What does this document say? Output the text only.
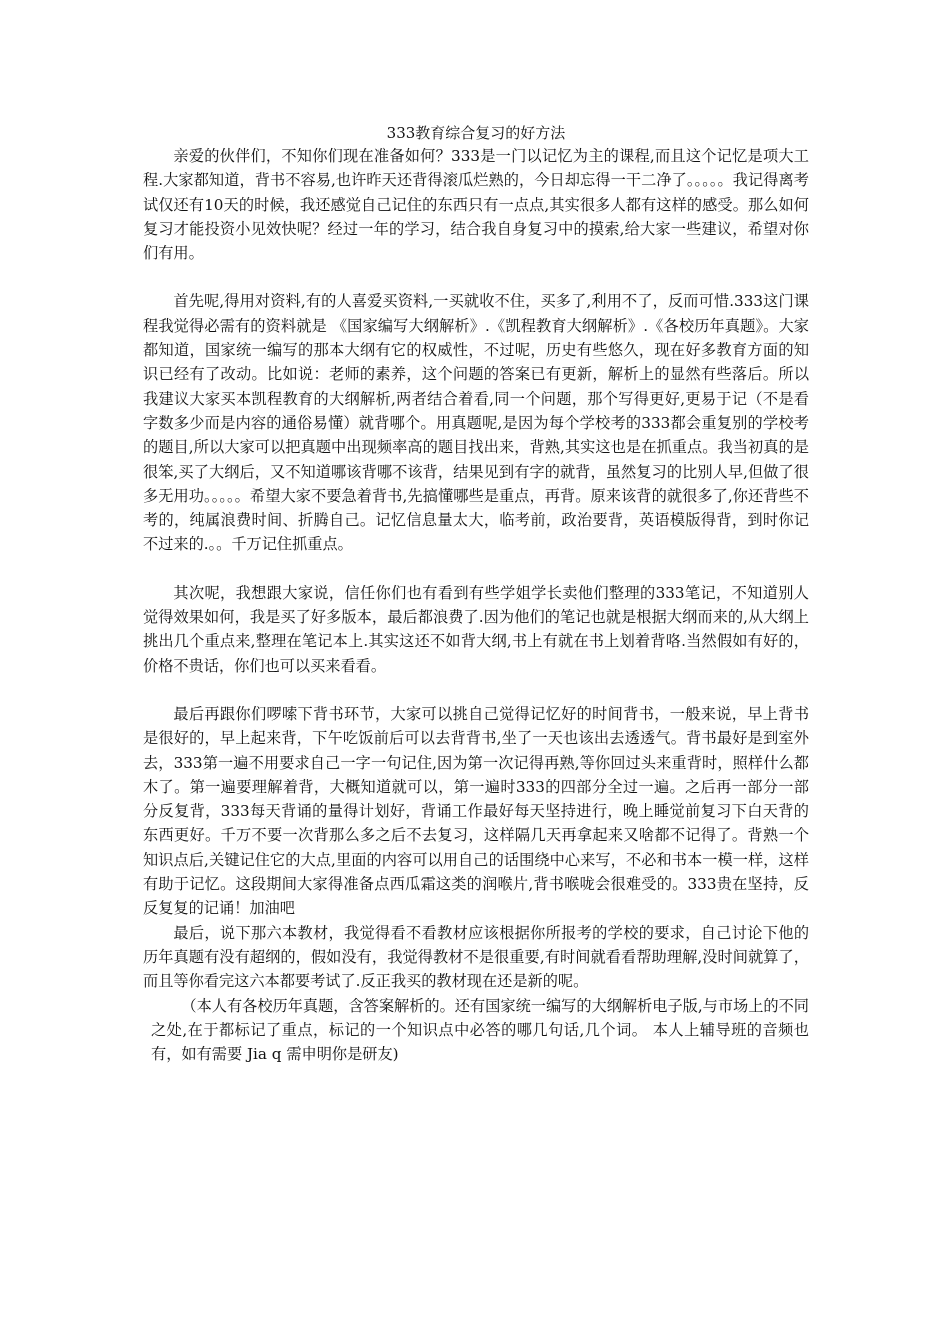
333教育综合复习的好方法

亲爱的伙伴们，不知你们现在准备如何？333是一门以记忆为主的课程,而且这个记忆是项大工程.大家都知道，背书不容易,也许昨天还背得滚瓜烂熟的，今日却忘得一干二净了。。。。。我记得离考试仅还有10天的时候，我还感觉自己记住的东西只有一点点,其实很多人都有这样的感受。那么如何复习才能投资小见效快呢？经过一年的学习，结合我自身复习中的摸索,给大家一些建议，希望对你们有用。

首先呢,得用对资料,有的人喜爱买资料,一买就收不住，买多了,利用不了，反而可惜.333这门课程我觉得必需有的资料就是 《国家编写大纲解析》.《凯程教育大纲解析》.《各校历年真题》。大家都知道，国家统一编写的那本大纲有它的权威性，不过呢，历史有些悠久，现在好多教育方面的知识已经有了改动。比如说：老师的素养，这个问题的答案已有更新，解析上的显然有些落后。所以我建议大家买本凯程教育的大纲解析,两者结合着看,同一个问题，那个写得更好,更易于记（不是看字数多少而是内容的通俗易懂）就背哪个。用真题呢,是因为每个学校考的333都会重复别的学校考的题目,所以大家可以把真题中出现频率高的题目找出来，背熟,其实这也是在抓重点。我当初真的是很笨,买了大纲后，又不知道哪该背哪不该背，结果见到有字的就背，虽然复习的比别人早,但做了很多无用功。。。。。希望大家不要急着背书,先搞懂哪些是重点，再背。原来该背的就很多了,你还背些不考的，纯属浪费时间、折腾自己。记忆信息量太大，临考前，政治要背，英语模版得背，到时你记不过来的.。。千万记住抓重点。

其次呢，我想跟大家说，信任你们也有看到有些学姐学长卖他们整理的333笔记，不知道别人觉得效果如何，我是买了好多版本，最后都浪费了.因为他们的笔记也就是根据大纲而来的,从大纲上挑出几个重点来,整理在笔记本上.其实这还不如背大纲,书上有就在书上划着背咯.当然假如有好的，价格不贵话，你们也可以买来看看。

最后再跟你们啰嗦下背书环节，大家可以挑自己觉得记忆好的时间背书，一般来说，早上背书是很好的，早上起来背，下午吃饭前后可以去背背书,坐了一天也该出去透透气。背书最好是到室外去，333第一遍不用要求自己一字一句记住,因为第一次记得再熟,等你回过头来重背时，照样什么都木了。第一遍要理解着背，大概知道就可以，第一遍时333的四部分全过一遍。之后再一部分一部分反复背，333每天背诵的量得计划好，背诵工作最好每天坚持进行，晚上睡觉前复习下白天背的东西更好。千万不要一次背那么多之后不去复习，这样隔几天再拿起来又啥都不记得了。背熟一个知识点后,关键记住它的大点,里面的内容可以用自己的话围绕中心来写，不必和书本一模一样，这样有助于记忆。这段期间大家得准备点西瓜霜这类的润喉片,背书喉咙会很难受的。333贵在坚持，反反复复的记诵！加油吧

最后，说下那六本教材，我觉得看不看教材应该根据你所报考的学校的要求，自己讨论下他的历年真题有没有超纲的，假如没有，我觉得教材不是很重要,有时间就看看帮助理解,没时间就算了，而且等你看完这六本都要考试了.反正我买的教材现在还是新的呢。

（本人有各校历年真题，含答案解析的。还有国家统一编写的大纲解析电子版,与市场上的不同之处,在于都标记了重点，标记的一个知识点中必答的哪几句话,几个词。 本人上辅导班的音频也有，如有需要 Jia q 需申明你是研友)
